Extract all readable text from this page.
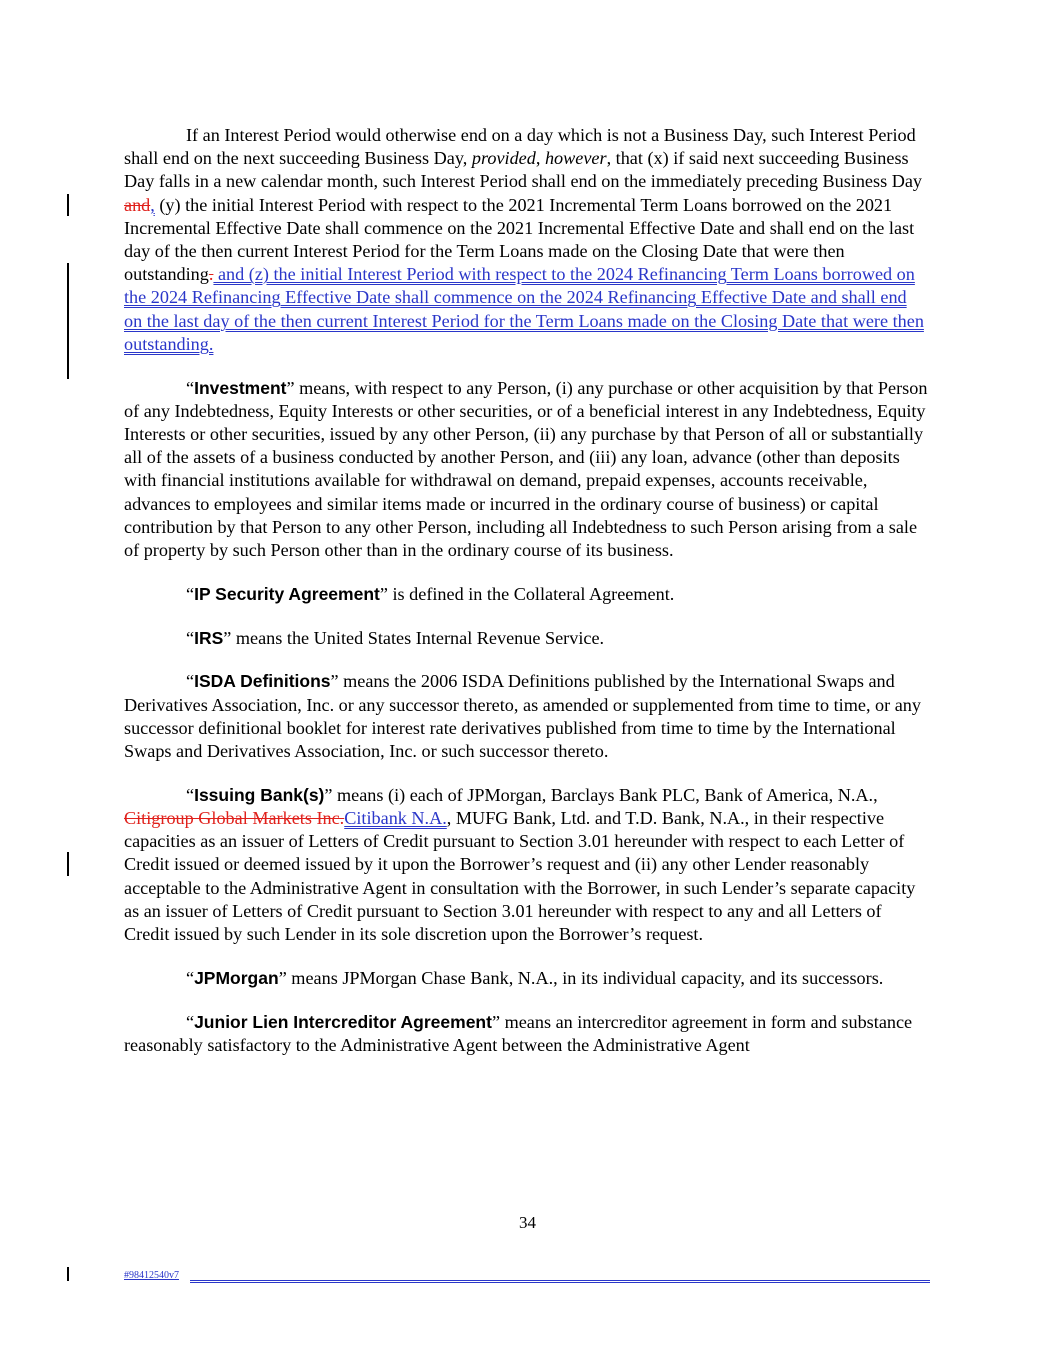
If an Interest Period would otherwise end on a day which is not a Business Day, such Interest Period shall end on the next succeeding Business Day, provided, however, that (x) if said next succeeding Business Day falls in a new calendar month, such Interest Period shall end on the immediately preceding Business Day and, (y) the initial Interest Period with respect to the 2021 Incremental Term Loans borrowed on the 2021 Incremental Effective Date shall commence on the 2021 Incremental Effective Date and shall end on the last day of the then current Interest Period for the Term Loans made on the Closing Date that were then outstanding. and (z) the initial Interest Period with respect to the 2024 Refinancing Term Loans borrowed on the 2024 Refinancing Effective Date shall commence on the 2024 Refinancing Effective Date and shall end on the last day of the then current Interest Period for the Term Loans made on the Closing Date that were then outstanding.

“Investment” means, with respect to any Person, (i) any purchase or other acquisition by that Person of any Indebtedness, Equity Interests or other securities, or of a beneficial interest in any Indebtedness, Equity Interests or other securities, issued by any other Person, (ii) any purchase by that Person of all or substantially all of the assets of a business conducted by another Person, and (iii) any loan, advance (other than deposits with financial institutions available for withdrawal on demand, prepaid expenses, accounts receivable, advances to employees and similar items made or incurred in the ordinary course of business) or capital contribution by that Person to any other Person, including all Indebtedness to such Person arising from a sale of property by such Person other than in the ordinary course of its business.

“IP Security Agreement” is defined in the Collateral Agreement.

“IRS” means the United States Internal Revenue Service.

“ISDA Definitions” means the 2006 ISDA Definitions published by the International Swaps and Derivatives Association, Inc. or any successor thereto, as amended or supplemented from time to time, or any successor definitional booklet for interest rate derivatives published from time to time by the International Swaps and Derivatives Association, Inc. or such successor thereto.

“Issuing Bank(s)” means (i) each of JPMorgan, Barclays Bank PLC, Bank of America, N.A., Citigroup Global Markets Inc.Citibank N.A., MUFG Bank, Ltd. and T.D. Bank, N.A., in their respective capacities as an issuer of Letters of Credit pursuant to Section 3.01 hereunder with respect to each Letter of Credit issued or deemed issued by it upon the Borrower’s request and (ii) any other Lender reasonably acceptable to the Administrative Agent in consultation with the Borrower, in such Lender’s separate capacity as an issuer of Letters of Credit pursuant to Section 3.01 hereunder with respect to any and all Letters of Credit issued by such Lender in its sole discretion upon the Borrower’s request.

“JPMorgan” means JPMorgan Chase Bank, N.A., in its individual capacity, and its successors.

“Junior Lien Intercreditor Agreement” means an intercreditor agreement in form and substance reasonably satisfactory to the Administrative Agent between the Administrative Agent

34
#98412540v7
